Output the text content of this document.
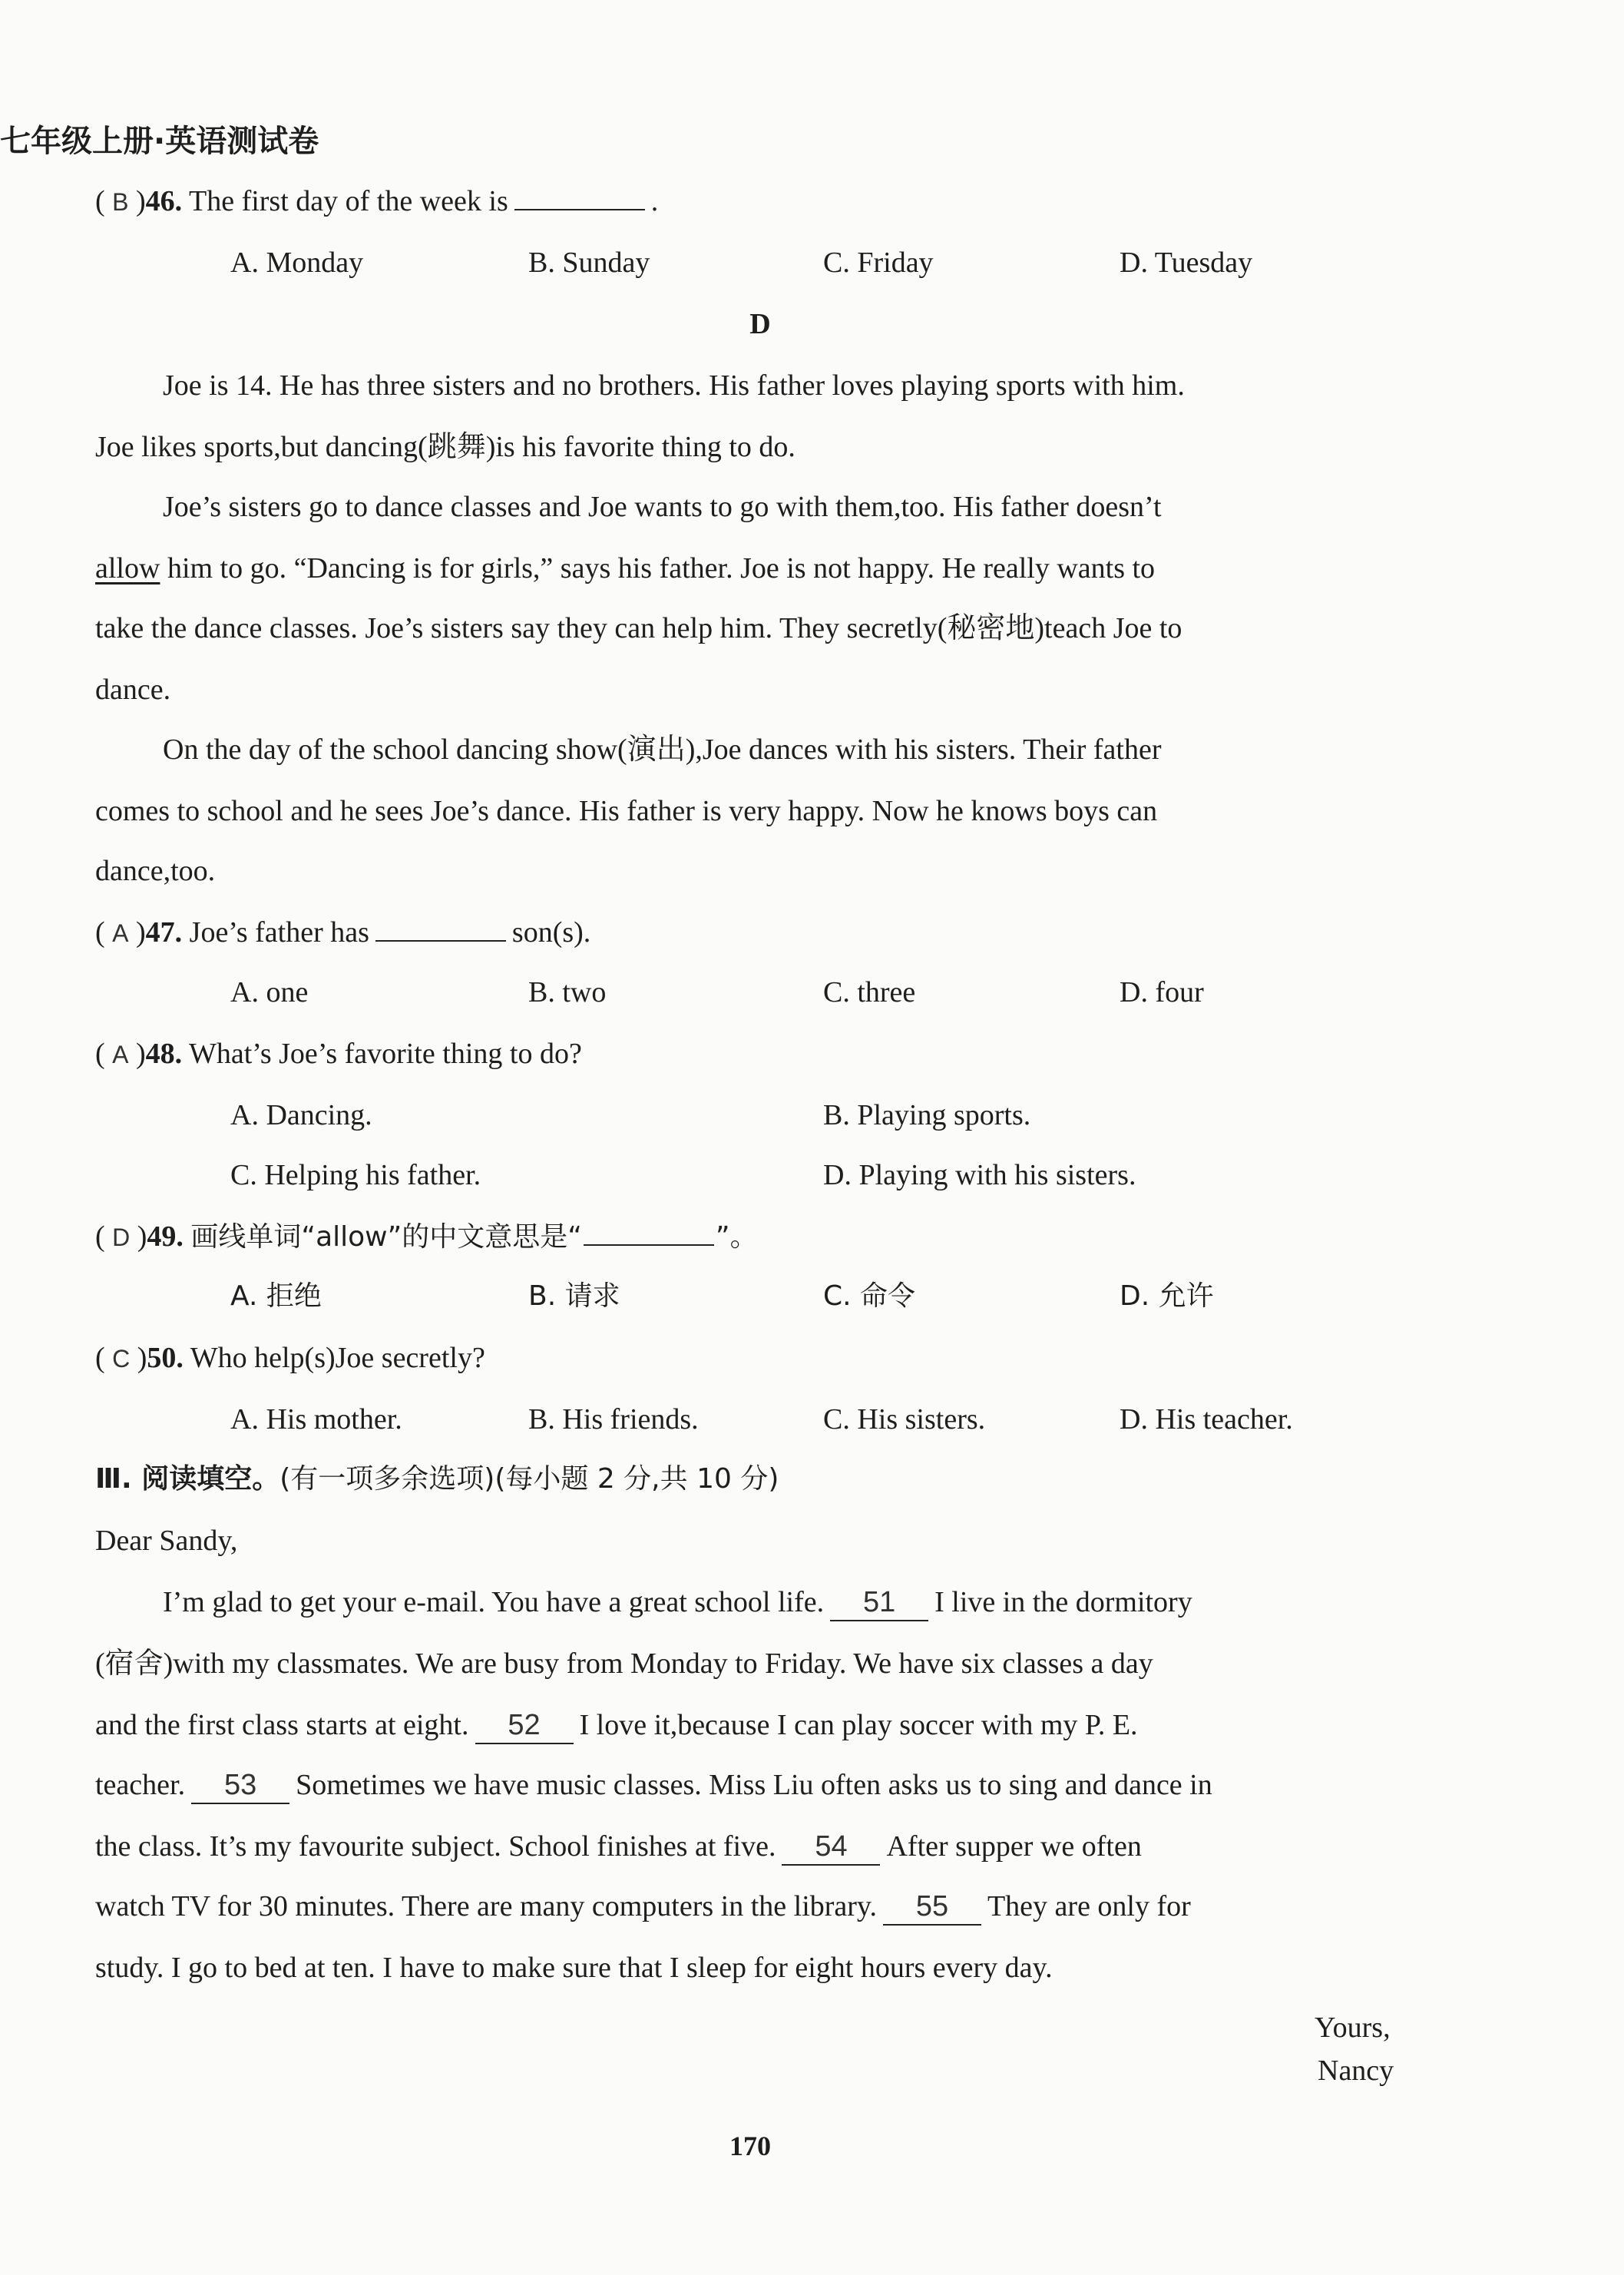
七年级上册·英语测试卷
( B )46. The first day of the week is	.
A. Monday	B. Sunday	C. Friday	D. Tuesday
D
Joe is 14. He has three sisters and no brothers. His father loves playing sports with him.
Joe likes sports,but dancing(跳舞)is his favorite thing to do.
Joe’s sisters go to dance classes and Joe wants to go with them,too. His father doesn’t
allow him to go. “Dancing is for girls,” says his father. Joe is not happy. He really wants to
take the dance classes. Joe’s sisters say they can help him. They secretly(秘密地)teach Joe to
dance.
On the day of the school dancing show(演出),Joe dances with his sisters. Their father
comes to school and he sees Joe’s dance. His father is very happy. Now he knows boys can
dance,too.
( A )47. Joe’s father has	son(s).
A. one	B. two	C. three	D. four
( A )48. What’s Joe’s favorite thing to do?
A. Dancing.	B. Playing sports.
C. Helping his father.	D. Playing with his sisters.
( D )49. 画线单词“allow”的中文意思是“	”。
A. 拒绝	B. 请求	C. 命令	D. 允许
( C )50. Who help(s)Joe secretly?
A. His mother.	B. His friends.	C. His sisters.	D. His teacher.
Ⅲ. 阅读填空。(有一项多余选项)(每小题 2 分,共 10 分)
Dear Sandy,
I’m glad to get your e-mail. You have a great school life. 51 I live in the dormitory
(宿舍)with my classmates. We are busy from Monday to Friday. We have six classes a day
and the first class starts at eight. 52 I love it,because I can play soccer with my P. E.
teacher. 53 Sometimes we have music classes. Miss Liu often asks us to sing and dance in
the class. It’s my favourite subject. School finishes at five. 54 After supper we often
watch TV for 30 minutes. There are many computers in the library. 55 They are only for
study. I go to bed at ten. I have to make sure that I sleep for eight hours every day.
Yours,
Nancy
170
